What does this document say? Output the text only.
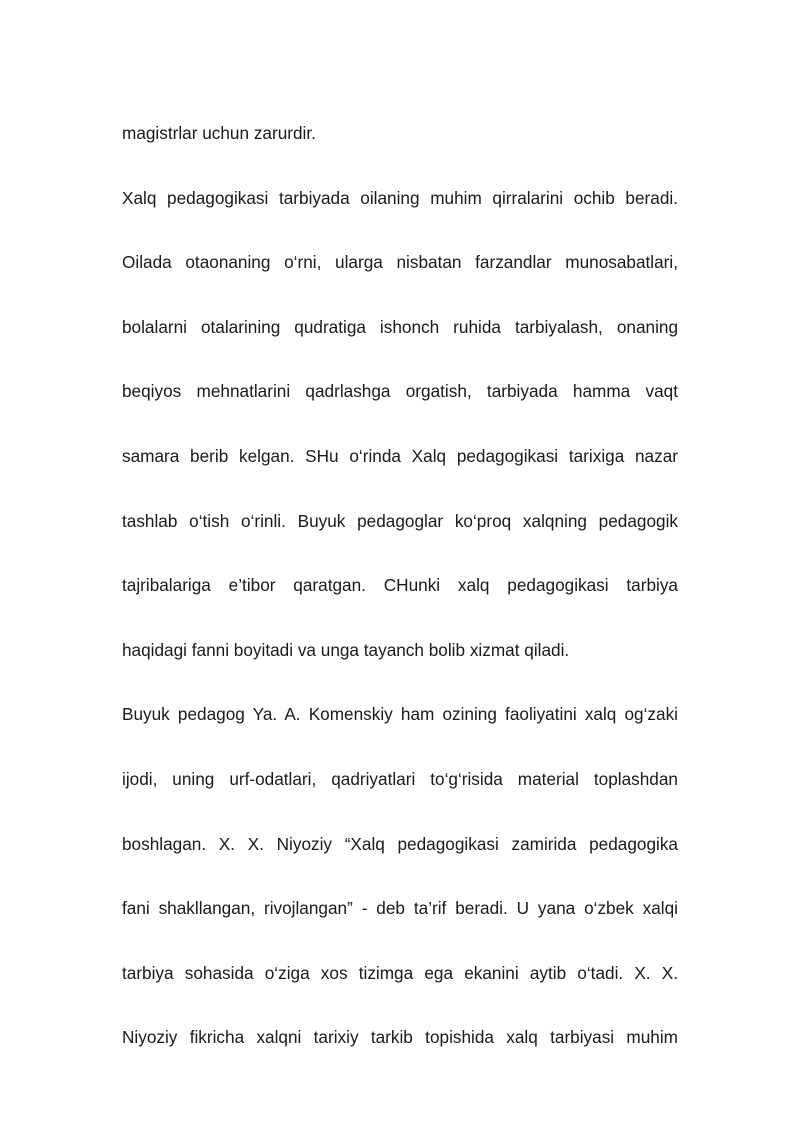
magistrlar uchun zarurdir.
Xalq pedagogikasi tarbiyada oilaning muhim qirralarini ochib beradi.
Oilada otaonaning o‘rni, ularga nisbatan farzandlar munosabatlari,
bolalarni otalarining qudratiga ishonch ruhida tarbiyalash, onaning
beqiyos mehnatlarini qadrlashga orgatish, tarbiyada hamma vaqt
samara berib kelgan. SHu o‘rinda Xalq pedagogikasi tarixiga nazar
tashlab o‘tish o‘rinli. Buyuk pedagoglar ko‘proq xalqning pedagogik
tajribalariga e’tibor qaratgan. CHunki xalq pedagogikasi tarbiya
haqidagi fanni boyitadi va unga tayanch bolib xizmat qiladi.
Buyuk pedagog Ya. A. Komenskiy ham ozining faoliyatini xalq og‘zaki
ijodi, uning urf-odatlari, qadriyatlari to‘g‘risida material toplashdan
boshlagan. X. X. Niyoziy “Xalq pedagogikasi zamirida pedagogika
fani shakllangan, rivojlangan” - deb ta’rif beradi. U yana o‘zbek xalqi
tarbiya sohasida o‘ziga xos tizimga ega ekanini aytib o‘tadi. X. X.
Niyoziy fikricha xalqni tarixiy tarkib topishida xalq tarbiyasi muhim
